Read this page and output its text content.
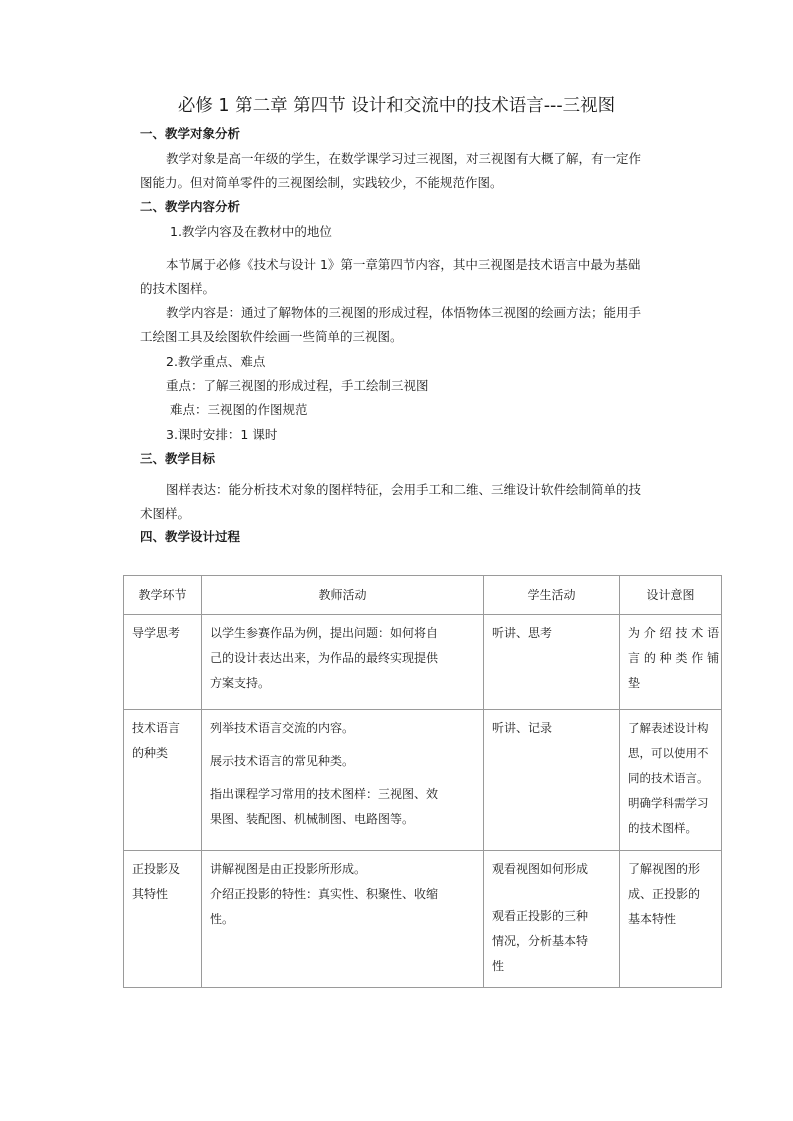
必修 1 第二章 第四节 设计和交流中的技术语言---三视图
一、教学对象分析
教学对象是高一年级的学生，在数学课学习过三视图，对三视图有大概了解，有一定作
图能力。但对简单零件的三视图绘制，实践较少，不能规范作图。
二、教学内容分析
1.教学内容及在教材中的地位
本节属于必修《技术与设计 1》第一章第四节内容，其中三视图是技术语言中最为基础
的技术图样。
教学内容是：通过了解物体的三视图的形成过程，体悟物体三视图的绘画方法；能用手
工绘图工具及绘图软件绘画一些简单的三视图。
2.教学重点、难点
重点：了解三视图的形成过程，手工绘制三视图
难点：三视图的作图规范
3.课时安排：1 课时
三、教学目标
图样表达：能分析技术对象的图样特征，会用手工和二维、三维设计软件绘制简单的技
术图样。
四、教学设计过程
教学环节	教师活动	学生活动	设计意图

导学思考	以学生参赛作品为例，提出问题：如何将自
己的设计表达出来，为作品的最终实现提供
方案支持。	听讲、思考	为 介 绍 技 术 语
言 的 种 类 作 铺
垫

技术语言
的种类	列举技术语言交流的内容。
展示技术语言的常见种类。
指出课程学习常用的技术图样：三视图、效
果图、装配图、机械制图、电路图等。	听讲、记录	了解表述设计构
思，可以使用不
同的技术语言。
明确学科需学习
的技术图样。

正投影及
其特性	讲解视图是由正投影所形成。
介绍正投影的特性：真实性、积聚性、收缩
性。	观看视图如何形成
观看正投影的三种
情况，分析基本特
性	了解视图的形
成、正投影的
基本特性
